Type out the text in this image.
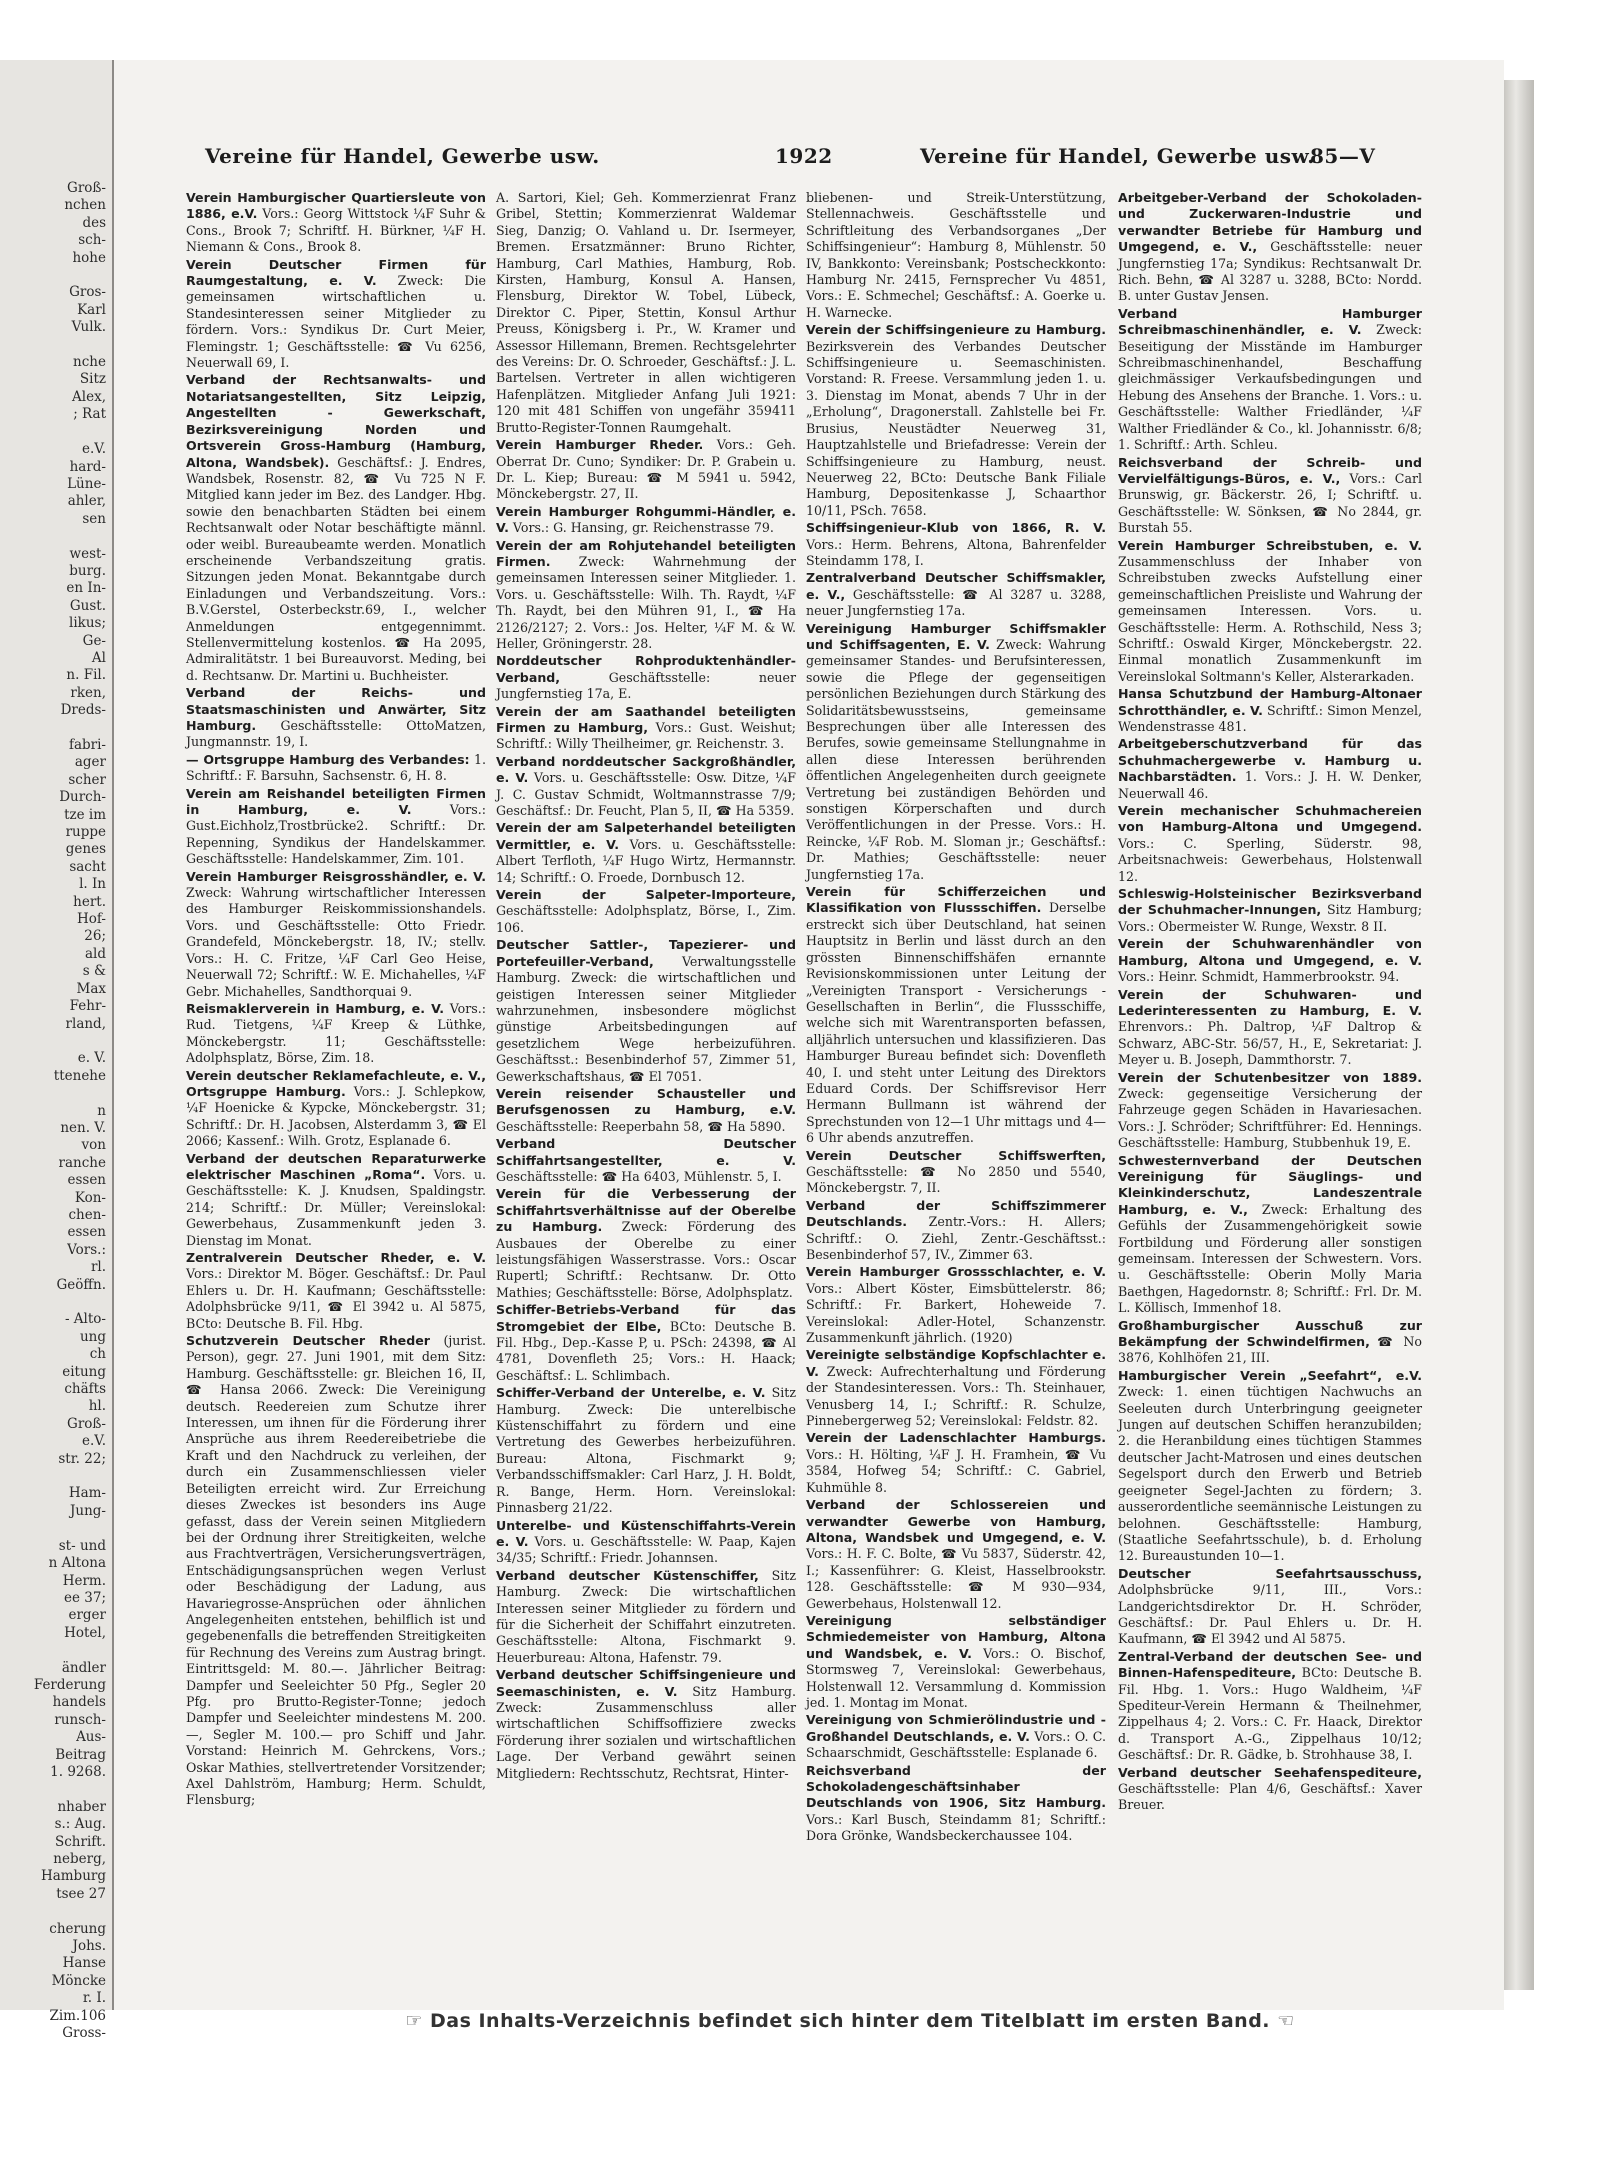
Groß-
nchen
des
sch-
hohe

Gros-
Karl
Vulk.

nche
Sitz
Alex,
; Rat

e.V.
hard-
Lüne-
ahler,
sen

west-
burg.
en In-
Gust.
likus;
Ge-
Al
n. Fil.
rken,
Dreds-

fabri-
ager
scher
Durch-
tze im
ruppe
genes
sacht
l. In
hert.
Hof-
26;
ald
s &
Max
Fehr-
rland,

e. V.
ttenehe

n
nen. V.
von
ranche
essen
Kon-
chen-
essen
Vors.:
rl.
Geöffn.

- Alto-
ung
ch
eitung
chäfts
hl.
Groß-
e.V.
str. 22;

Ham-
Jung-

st- und
n Altona
Herm.
ee 37;
erger
Hotel,

ändler
Ferderung
handels
runsch-
Aus-
Beitrag
1. 9268.

nhaber
s.: Aug.
Schrift.
neberg,
Hamburg
tsee 27

cherung
Johs.
Hanse
Möncke
r. I.
Zim.106
Gross-
Vereine für Handel, Gewerbe usw.	1922	Vereine für Handel, Gewerbe usw.
85—V
Verein Hamburgischer Quartiersleute von 1886, e.V. Vors.: Georg Wittstock ¼F Suhr & Cons., Brook 7; Schriftf. H. Bürkner, ¼F H. Niemann & Cons., Brook 8.
Verein Deutscher Firmen für Raumgestaltung, e. V. Zweck: Die gemeinsamen wirtschaftlichen u. Standesinteressen seiner Mitglieder zu fördern. Vors.: Syndikus Dr. Curt Meier, Flemingstr. 1; Geschäftsstelle: ☎ Vu 6256, Neuerwall 69, I.
Verband der Rechtsanwalts- und Notariatsangestellten, Sitz Leipzig, Angestellten - Gewerkschaft, Bezirksvereinigung Norden und Ortsverein Gross-Hamburg (Hamburg, Altona, Wandsbek). Geschäftsf.: J. Endres, Wandsbek, Rosenstr. 82, ☎ Vu 725 N F. Mitglied kann jeder im Bez. des Landger. Hbg. sowie den benachbarten Städten bei einem Rechtsanwalt oder Notar beschäftigte männl. oder weibl. Bureaubeamte werden. Monatlich erscheinende Verbandszeitung gratis. Sitzungen jeden Monat. Bekanntgabe durch Einladungen und Verbandszeitung. Vors.: B.V.Gerstel, Osterbeckstr.69, I., welcher Anmeldungen entgegennimmt. Stellenvermittelung kostenlos. ☎ Ha 2095, Admiralitätstr. 1 bei Bureauvorst. Meding, bei d. Rechtsanw. Dr. Martini u. Buchheister.
Verband der Reichs- und Staatsmaschinisten und Anwärter, Sitz Hamburg. Geschäftsstelle: OttoMatzen, Jungmannstr. 19, I.
— Ortsgruppe Hamburg des Verbandes: 1. Schriftf.: F. Barsuhn, Sachsenstr. 6, H. 8.
Verein am Reishandel beteiligten Firmen in Hamburg, e. V. Vors.: Gust.Eichholz,Trostbrücke2. Schriftf.: Dr. Repenning, Syndikus der Handelskammer. Geschäftsstelle: Handelskammer, Zim. 101.
Verein Hamburger Reisgrosshändler, e. V. Zweck: Wahrung wirtschaftlicher Interessen des Hamburger Reiskommissionshandels. Vors. und Geschäftsstelle: Otto Friedr. Grandefeld, Mönckebergstr. 18, IV.; stellv. Vors.: H. C. Fritze, ¼F Carl Geo Heise, Neuerwall 72; Schriftf.: W. E. Michahelles, ¼F Gebr. Michahelles, Sandthorquai 9.
Reismaklerverein in Hamburg, e. V. Vors.: Rud. Tietgens, ¼F Kreep & Lüthke, Mönckebergstr. 11; Geschäftsstelle: Adolphsplatz, Börse, Zim. 18.
Verein deutscher Reklamefachleute, e. V., Ortsgruppe Hamburg. Vors.: J. Schlepkow, ¼F Hoenicke & Kypcke, Mönckebergstr. 31; Schriftf.: Dr. H. Jacobsen, Alsterdamm 3, ☎ El 2066; Kassenf.: Wilh. Grotz, Esplanade 6.
Verband der deutschen Reparaturwerke elektrischer Maschinen „Roma“. Vors. u. Geschäftsstelle: K. J. Knudsen, Spaldingstr. 214; Schriftf.: Dr. Müller; Vereinslokal: Gewerbehaus, Zusammenkunft jeden 3. Dienstag im Monat.
Zentralverein Deutscher Rheder, e. V. Vors.: Direktor M. Böger. Geschäftsf.: Dr. Paul Ehlers u. Dr. H. Kaufmann; Geschäftsstelle: Adolphsbrücke 9/11, ☎ El 3942 u. Al 5875, BCto: Deutsche B. Fil. Hbg.
Schutzverein Deutscher Rheder (jurist. Person), gegr. 27. Juni 1901, mit dem Sitz: Hamburg. Geschäftsstelle: gr. Bleichen 16, II, ☎ Hansa 2066. Zweck: Die Vereinigung deutsch. Reedereien zum Schutze ihrer Interessen, um ihnen für die Förderung ihrer Ansprüche aus ihrem Reedereibetriebe die Kraft und den Nachdruck zu verleihen, der durch ein Zusammenschliessen vieler Beteiligten erreicht wird. Zur Erreichung dieses Zweckes ist besonders ins Auge gefasst, dass der Verein seinen Mitgliedern bei der Ordnung ihrer Streitigkeiten, welche aus Frachtverträgen, Versicherungsverträgen, Entschädigungsansprüchen wegen Verlust oder Beschädigung der Ladung, aus Havariegrosse-Ansprüchen oder ähnlichen Angelegenheiten entstehen, behilflich ist und gegebenenfalls die betreffenden Streitigkeiten für Rechnung des Vereins zum Austrag bringt. Eintrittsgeld: M. 80.—. Jährlicher Beitrag: Dampfer und Seeleichter 50 Pfg., Segler 20 Pfg. pro Brutto-Register-Tonne; jedoch Dampfer und Seeleichter mindestens M. 200.—, Segler M. 100.— pro Schiff und Jahr. Vorstand: Heinrich M. Gehrckens, Vors.; Oskar Mathies, stellvertretender Vorsitzender; Axel Dahlström, Hamburg; Herm. Schuldt, Flensburg;
A. Sartori, Kiel; Geh. Kommerzienrat Franz Gribel, Stettin; Kommerzienrat Waldemar Sieg, Danzig; O. Vahland u. Dr. Isermeyer, Bremen. Ersatzmänner: Bruno Richter, Hamburg, Carl Mathies, Hamburg, Rob. Kirsten, Hamburg, Konsul A. Hansen, Flensburg, Direktor W. Tobel, Lübeck, Direktor C. Piper, Stettin, Konsul Arthur Preuss, Königsberg i. Pr., W. Kramer und Assessor Hillemann, Bremen. Rechtsgelehrter des Vereins: Dr. O. Schroeder, Geschäftsf.: J. L. Bartelsen. Vertreter in allen wichtigeren Hafenplätzen. Mitglieder Anfang Juli 1921: 120 mit 481 Schiffen von ungefähr 359411 Brutto-Register-Tonnen Raumgehalt.
Verein Hamburger Rheder. Vors.: Geh. Oberrat Dr. Cuno; Syndiker: Dr. P. Grabein u. Dr. L. Kiep; Bureau: ☎ M 5941 u. 5942, Mönckebergstr. 27, II.
Verein Hamburger Rohgummi-Händler, e. V. Vors.: G. Hansing, gr. Reichenstrasse 79.
Verein der am Rohjutehandel beteiligten Firmen. Zweck: Wahrnehmung der gemeinsamen Interessen seiner Mitglieder. 1. Vors. u. Geschäftsstelle: Wilh. Th. Raydt, ¼F Th. Raydt, bei den Mühren 91, I., ☎ Ha 2126/2127; 2. Vors.: Jos. Helter, ¼F M. & W. Heller, Gröningerstr. 28.
Norddeutscher Rohproduktenhändler-Verband, Geschäftsstelle: neuer Jungfernstieg 17a, E.
Verein der am Saathandel beteiligten Firmen zu Hamburg, Vors.: Gust. Weishut; Schriftf.: Willy Theilheimer, gr. Reichenstr. 3.
Verband norddeutscher Sackgroßhändler, e. V. Vors. u. Geschäftsstelle: Osw. Ditze, ¼F J. C. Gustav Schmidt, Woltmannstrasse 7/9; Geschäftsf.: Dr. Feucht, Plan 5, II, ☎ Ha 5359.
Verein der am Salpeterhandel beteiligten Vermittler, e. V. Vors. u. Geschäftsstelle: Albert Terfloth, ¼F Hugo Wirtz, Hermannstr. 14; Schriftf.: O. Froede, Dornbusch 12.
Verein der Salpeter-Importeure, Geschäftsstelle: Adolphsplatz, Börse, I., Zim. 106.
Deutscher Sattler-, Tapezierer- und Portefeuiller-Verband, Verwaltungsstelle Hamburg. Zweck: die wirtschaftlichen und geistigen Interessen seiner Mitglieder wahrzunehmen, insbesondere möglichst günstige Arbeitsbedingungen auf gesetzlichem Wege herbeizuführen. Geschäftsst.: Besenbinderhof 57, Zimmer 51, Gewerkschaftshaus, ☎ El 7051.
Verein reisender Schausteller und Berufsgenossen zu Hamburg, e.V. Geschäftsstelle: Reeperbahn 58, ☎ Ha 5890.
Verband Deutscher Schiffahrtsangestellter, e. V. Geschäftsstelle: ☎ Ha 6403, Mühlenstr. 5, I.
Verein für die Verbesserung der Schiffahrtsverhältnisse auf der Oberelbe zu Hamburg. Zweck: Förderung des Ausbaues der Oberelbe zu einer leistungsfähigen Wasserstrasse. Vors.: Oscar Rupertl; Schriftf.: Rechtsanw. Dr. Otto Mathies; Geschäftsstelle: Börse, Adolphsplatz.
Schiffer-Betriebs-Verband für das Stromgebiet der Elbe, BCto: Deutsche B. Fil. Hbg., Dep.-Kasse P, u. PSch: 24398, ☎ Al 4781, Dovenfleth 25; Vors.: H. Haack; Geschäftsf.: L. Schlimbach.
Schiffer-Verband der Unterelbe, e. V. Sitz Hamburg. Zweck: Die unterelbische Küstenschiffahrt zu fördern und eine Vertretung des Gewerbes herbeizuführen. Bureau: Altona, Fischmarkt 9; Verbandsschiffsmakler: Carl Harz, J. H. Boldt, R. Bange, Herm. Horn. Vereinslokal: Pinnasberg 21/22.
Unterelbe- und Küstenschiffahrts-Verein e. V. Vors. u. Geschäftsstelle: W. Paap, Kajen 34/35; Schriftf.: Friedr. Johannsen.
Verband deutscher Küstenschiffer, Sitz Hamburg. Zweck: Die wirtschaftlichen Interessen seiner Mitglieder zu fördern und für die Sicherheit der Schiffahrt einzutreten. Geschäftsstelle: Altona, Fischmarkt 9. Heuerbureau: Altona, Hafenstr. 79.
Verband deutscher Schiffsingenieure und Seemaschinisten, e. V. Sitz Hamburg. Zweck: Zusammenschluss aller wirtschaftlichen Schiffsoffiziere zwecks Förderung ihrer sozialen und wirtschaftlichen Lage. Der Verband gewährt seinen Mitgliedern: Rechtsschutz, Rechtsrat, Hinter-
bliebenen- und Streik-Unterstützung, Stellennachweis. Geschäftsstelle und Schriftleitung des Verbandsorganes „Der Schiffsingenieur“: Hamburg 8, Mühlenstr. 50 IV, Bankkonto: Vereinsbank; Postscheckkonto: Hamburg Nr. 2415, Fernsprecher Vu 4851, Vors.: E. Schmechel; Geschäftsf.: A. Goerke u. H. Warnecke.
Verein der Schiffsingenieure zu Hamburg. Bezirksverein des Verbandes Deutscher Schiffsingenieure u. Seemaschinisten. Vorstand: R. Freese. Versammlung jeden 1. u. 3. Dienstag im Monat, abends 7 Uhr in der „Erholung“, Dragonerstall. Zahlstelle bei Fr. Brusius, Neustädter Neuerweg 31, Hauptzahlstelle und Briefadresse: Verein der Schiffsingenieure zu Hamburg, neust. Neuerweg 22, BCto: Deutsche Bank Filiale Hamburg, Depositenkasse J, Schaarthor 10/11, PSch. 7658.
Schiffsingenieur-Klub von 1866, R. V. Vors.: Herm. Behrens, Altona, Bahrenfelder Steindamm 178, I.
Zentralverband Deutscher Schiffsmakler, e. V., Geschäftsstelle: ☎ Al 3287 u. 3288, neuer Jungfernstieg 17a.
Vereinigung Hamburger Schiffsmakler und Schiffsagenten, E. V. Zweck: Wahrung gemeinsamer Standes- und Berufsinteressen, sowie die Pflege der gegenseitigen persönlichen Beziehungen durch Stärkung des Solidaritätsbewusstseins, gemeinsame Besprechungen über alle Interessen des Berufes, sowie gemeinsame Stellungnahme in allen diese Interessen berührenden öffentlichen Angelegenheiten durch geeignete Vertretung bei zuständigen Behörden und sonstigen Körperschaften und durch Veröffentlichungen in der Presse. Vors.: H. Reincke, ¼F Rob. M. Sloman jr.; Geschäftsf.: Dr. Mathies; Geschäftsstelle: neuer Jungfernstieg 17a.
Verein für Schifferzeichen und Klassifikation von Flussschiffen. Derselbe erstreckt sich über Deutschland, hat seinen Hauptsitz in Berlin und lässt durch an den grössten Binnenschiffshäfen ernannte Revisionskommissionen unter Leitung der „Vereinigten Transport - Versicherungs - Gesellschaften in Berlin“, die Flussschiffe, welche sich mit Warentransporten befassen, alljährlich untersuchen und klassifizieren. Das Hamburger Bureau befindet sich: Dovenfleth 40, I. und steht unter Leitung des Direktors Eduard Cords. Der Schiffsrevisor Herr Hermann Bullmann ist während der Sprechstunden von 12—1 Uhr mittags und 4—6 Uhr abends anzutreffen.
Verein Deutscher Schiffswerften, Geschäftsstelle: ☎ No 2850 und 5540, Mönckebergstr. 7, II.
Verband der Schiffszimmerer Deutschlands. Zentr.-Vors.: H. Allers; Schriftf.: O. Ziehl, Zentr.-Geschäftsst.: Besenbinderhof 57, IV., Zimmer 63.
Verein Hamburger Grossschlachter, e. V. Vors.: Albert Köster, Eimsbüttelerstr. 86; Schriftf.: Fr. Barkert, Hoheweide 7. Vereinslokal: Adler-Hotel, Schanzenstr. Zusammenkunft jährlich. (1920)
Vereinigte selbständige Kopfschlachter e. V. Zweck: Aufrechterhaltung und Förderung der Standesinteressen. Vors.: Th. Steinhauer, Venusberg 14, I.; Schriftf.: R. Schulze, Pinnebergerweg 52; Vereinslokal: Feldstr. 82.
Verein der Ladenschlachter Hamburgs. Vors.: H. Hölting, ¼F J. H. Framhein, ☎ Vu 3584, Hofweg 54; Schriftf.: C. Gabriel, Kuhmühle 8.
Verband der Schlossereien und verwandter Gewerbe von Hamburg, Altona, Wandsbek und Umgegend, e. V. Vors.: H. F. C. Bolte, ☎ Vu 5837, Süderstr. 42, I.; Kassenführer: G. Kleist, Hasselbrookstr. 128. Geschäftsstelle: ☎ M 930—934, Gewerbehaus, Holstenwall 12.
Vereinigung selbständiger Schmiedemeister von Hamburg, Altona und Wandsbek, e. V. Vors.: O. Bischof, Stormsweg 7, Vereinslokal: Gewerbehaus, Holstenwall 12. Versammlung d. Kommission jed. 1. Montag im Monat.
Vereinigung von Schmierölindustrie und -Großhandel Deutschlands, e. V. Vors.: O. C. Schaarschmidt, Geschäftsstelle: Esplanade 6.
Reichsverband der Schokoladengeschäftsinhaber Deutschlands von 1906, Sitz Hamburg. Vors.: Karl Busch, Steindamm 81; Schriftf.: Dora Grönke, Wandsbeckerchaussee 104.
Arbeitgeber-Verband der Schokoladen- und Zuckerwaren-Industrie und verwandter Betriebe für Hamburg und Umgegend, e. V., Geschäftsstelle: neuer Jungfernstieg 17a; Syndikus: Rechtsanwalt Dr. Rich. Behn, ☎ Al 3287 u. 3288, BCto: Nordd. B. unter Gustav Jensen.
Verband Hamburger Schreibmaschinenhändler, e. V. Zweck: Beseitigung der Misstände im Hamburger Schreibmaschinenhandel, Beschaffung gleichmässiger Verkaufsbedingungen und Hebung des Ansehens der Branche. 1. Vors.: u. Geschäftsstelle: Walther Friedländer, ¼F Walther Friedländer & Co., kl. Johannisstr. 6/8; 1. Schriftf.: Arth. Schleu.
Reichsverband der Schreib- und Vervielfältigungs-Büros, e. V., Vors.: Carl Brunswig, gr. Bäckerstr. 26, I; Schriftf. u. Geschäftsstelle: W. Sönksen, ☎ No 2844, gr. Burstah 55.
Verein Hamburger Schreibstuben, e. V. Zusammenschluss der Inhaber von Schreibstuben zwecks Aufstellung einer gemeinschaftlichen Preisliste und Wahrung der gemeinsamen Interessen. Vors. u. Geschäftsstelle: Herm. A. Rothschild, Ness 3; Schriftf.: Oswald Kirger, Mönckebergstr. 22. Einmal monatlich Zusammenkunft im Vereinslokal Soltmann's Keller, Alsterarkaden.
Hansa Schutzbund der Hamburg-Altonaer Schrotthändler, e. V. Schriftf.: Simon Menzel, Wendenstrasse 481.
Arbeitgeberschutzverband für das Schuhmachergewerbe v. Hamburg u. Nachbarstädten. 1. Vors.: J. H. W. Denker, Neuerwall 46.
Verein mechanischer Schuhmachereien von Hamburg-Altona und Umgegend. Vors.: C. Sperling, Süderstr. 98, Arbeitsnachweis: Gewerbehaus, Holstenwall 12.
Schleswig-Holsteinischer Bezirksverband der Schuhmacher-Innungen, Sitz Hamburg; Vors.: Obermeister W. Runge, Wexstr. 8 II.
Verein der Schuhwarenhändler von Hamburg, Altona und Umgegend, e. V. Vors.: Heinr. Schmidt, Hammerbrookstr. 94.
Verein der Schuhwaren- und Lederinteressenten zu Hamburg, E. V. Ehrenvors.: Ph. Daltrop, ¼F Daltrop & Schwarz, ABC-Str. 56/57, H., E, Sekretariat: J. Meyer u. B. Joseph, Dammthorstr. 7.
Verein der Schutenbesitzer von 1889. Zweck: gegenseitige Versicherung der Fahrzeuge gegen Schäden in Havariesachen. Vors.: J. Schröder; Schriftführer: Ed. Hennings. Geschäftsstelle: Hamburg, Stubbenhuk 19, E.
Schwesternverband der Deutschen Vereinigung für Säuglings- und Kleinkinderschutz, Landeszentrale Hamburg, e. V., Zweck: Erhaltung des Gefühls der Zusammengehörigkeit sowie Fortbildung und Förderung aller sonstigen gemeinsam. Interessen der Schwestern. Vors. u. Geschäftsstelle: Oberin Molly Maria Baethgen, Hagedornstr. 8; Schriftf.: Frl. Dr. M. L. Köllisch, Immenhof 18.
Großhamburgischer Ausschuß zur Bekämpfung der Schwindelfirmen, ☎ No 3876, Kohlhöfen 21, III.
Hamburgischer Verein „Seefahrt“, e.V. Zweck: 1. einen tüchtigen Nachwuchs an Seeleuten durch Unterbringung geeigneter Jungen auf deutschen Schiffen heranzubilden; 2. die Heranbildung eines tüchtigen Stammes deutscher Jacht-Matrosen und eines deutschen Segelsport durch den Erwerb und Betrieb geeigneter Segel-Jachten zu fördern; 3. ausserordentliche seemännische Leistungen zu belohnen. Geschäftsstelle: Hamburg, (Staatliche Seefahrtsschule), b. d. Erholung 12. Bureaustunden 10—1.
Deutscher Seefahrtsausschuss, Adolphsbrücke 9/11, III., Vors.: Landgerichtsdirektor Dr. H. Schröder, Geschäftsf.: Dr. Paul Ehlers u. Dr. H. Kaufmann, ☎ El 3942 und Al 5875.
Zentral-Verband der deutschen See- und Binnen-Hafenspediteure, BCto: Deutsche B. Fil. Hbg. 1. Vors.: Hugo Waldheim, ¼F Spediteur-Verein Hermann & Theilnehmer, Zippelhaus 4; 2. Vors.: C. Fr. Haack, Direktor d. Transport A.-G., Zippelhaus 10/12; Geschäftsf.: Dr. R. Gädke, b. Strohhause 38, I.
Verband deutscher Seehafenspediteure, Geschäftsstelle: Plan 4/6, Geschäftsf.: Xaver Breuer.
☞ Das Inhalts-Verzeichnis befindet sich hinter dem Titelblatt im ersten Band. ☜
